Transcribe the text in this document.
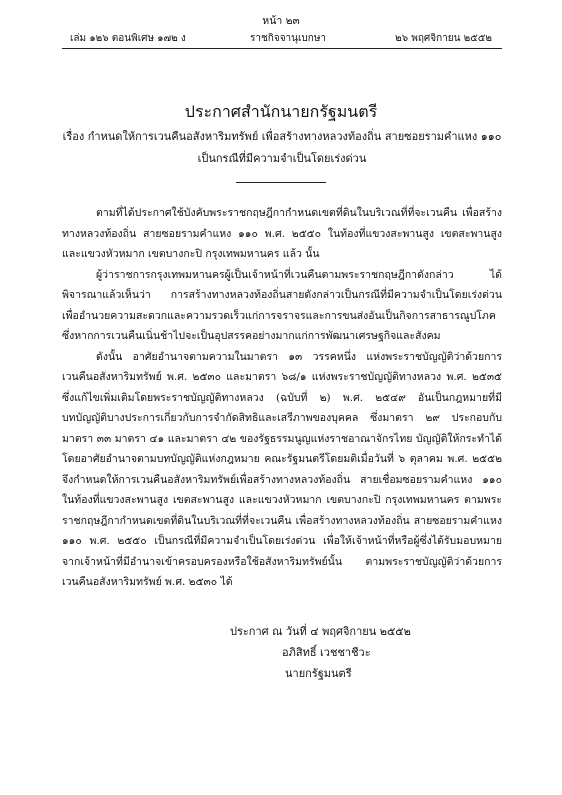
หน้า ๒๓
เล่ม ๑๒๖ ตอนพิเศษ ๑๗๒ ง	ราชกิจจานุเบกษา	๒๖ พฤศจิกายน ๒๕๕๒
ประกาศสำนักนายกรัฐมนตรี
เรื่อง กำหนดให้การเวนคืนอสังหาริมทรัพย์ เพื่อสร้างทางหลวงท้องถิ่น สายซอยรามคำแหง ๑๑๐ เป็นกรณีที่มีความจำเป็นโดยเร่งด่วน

ตามที่ได้ประกาศใช้บังคับพระราชกฤษฎีกากำหนดเขตที่ดินในบริเวณที่ที่จะเวนคืน เพื่อสร้างทางหลวงท้องถิ่น สายซอยรามคำแหง ๑๑๐ พ.ศ. ๒๕๕๐ ในท้องที่แขวงสะพานสูง เขตสะพานสูง และแขวงหัวหมาก เขตบางกะปิ กรุงเทพมหานคร แล้ว นั้น

ผู้ว่าราชการกรุงเทพมหานครผู้เป็นเจ้าหน้าที่เวนคืนตามพระราชกฤษฎีกาดังกล่าว ได้พิจารณาแล้วเห็นว่า การสร้างทางหลวงท้องถิ่นสายดังกล่าวเป็นกรณีที่มีความจำเป็นโดยเร่งด่วน เพื่ออำนวยความสะดวกและความรวดเร็วแก่การจราจรและการขนส่งอันเป็นกิจการสาธารณูปโภค ซึ่งหากการเวนคืนเนิ่นช้าไปจะเป็นอุปสรรคอย่างมากแก่การพัฒนาเศรษฐกิจและสังคม

ดังนั้น อาศัยอำนาจตามความในมาตรา ๑๓ วรรคหนึ่ง แห่งพระราชบัญญัติว่าด้วยการเวนคืนอสังหาริมทรัพย์ พ.ศ. ๒๕๓๐ และมาตรา ๖๘/๑ แห่งพระราชบัญญัติทางหลวง พ.ศ. ๒๕๓๕ ซึ่งแก้ไขเพิ่มเติมโดยพระราชบัญญัติทางหลวง (ฉบับที่ ๒) พ.ศ. ๒๕๔๙ อันเป็นกฎหมายที่มีบทบัญญัติบางประการเกี่ยวกับการจำกัดสิทธิและเสรีภาพของบุคคล ซึ่งมาตรา ๒๙ ประกอบกับมาตรา ๓๓ มาตรา ๔๑ และมาตรา ๔๒ ของรัฐธรรมนูญแห่งราชอาณาจักรไทย บัญญัติให้กระทำได้โดยอาศัยอำนาจตามบทบัญญัติแห่งกฎหมาย คณะรัฐมนตรีโดยมติเมื่อวันที่ ๖ ตุลาคม พ.ศ. ๒๕๕๒ จึงกำหนดให้การเวนคืนอสังหาริมทรัพย์เพื่อสร้างทางหลวงท้องถิ่น สายเชื่อมซอยรามคำแหง ๑๑๐ ในท้องที่แขวงสะพานสูง เขตสะพานสูง และแขวงหัวหมาก เขตบางกะปิ กรุงเทพมหานคร ตามพระราชกฤษฎีกากำหนดเขตที่ดินในบริเวณที่ที่จะเวนคืน เพื่อสร้างทางหลวงท้องถิ่น สายซอยรามคำแหง ๑๑๐ พ.ศ. ๒๕๕๐ เป็นกรณีที่มีความจำเป็นโดยเร่งด่วน เพื่อให้เจ้าหน้าที่หรือผู้ซึ่งได้รับมอบหมายจากเจ้าหน้าที่มีอำนาจเข้าครอบครองหรือใช้อสังหาริมทรัพย์นั้น ตามพระราชบัญญัติว่าด้วยการเวนคืนอสังหาริมทรัพย์ พ.ศ. ๒๕๓๐ ได้

ประกาศ ณ วันที่ ๔ พฤศจิกายน ๒๕๕๒
อภิสิทธิ์ เวชชาชีวะ
นายกรัฐมนตรี
